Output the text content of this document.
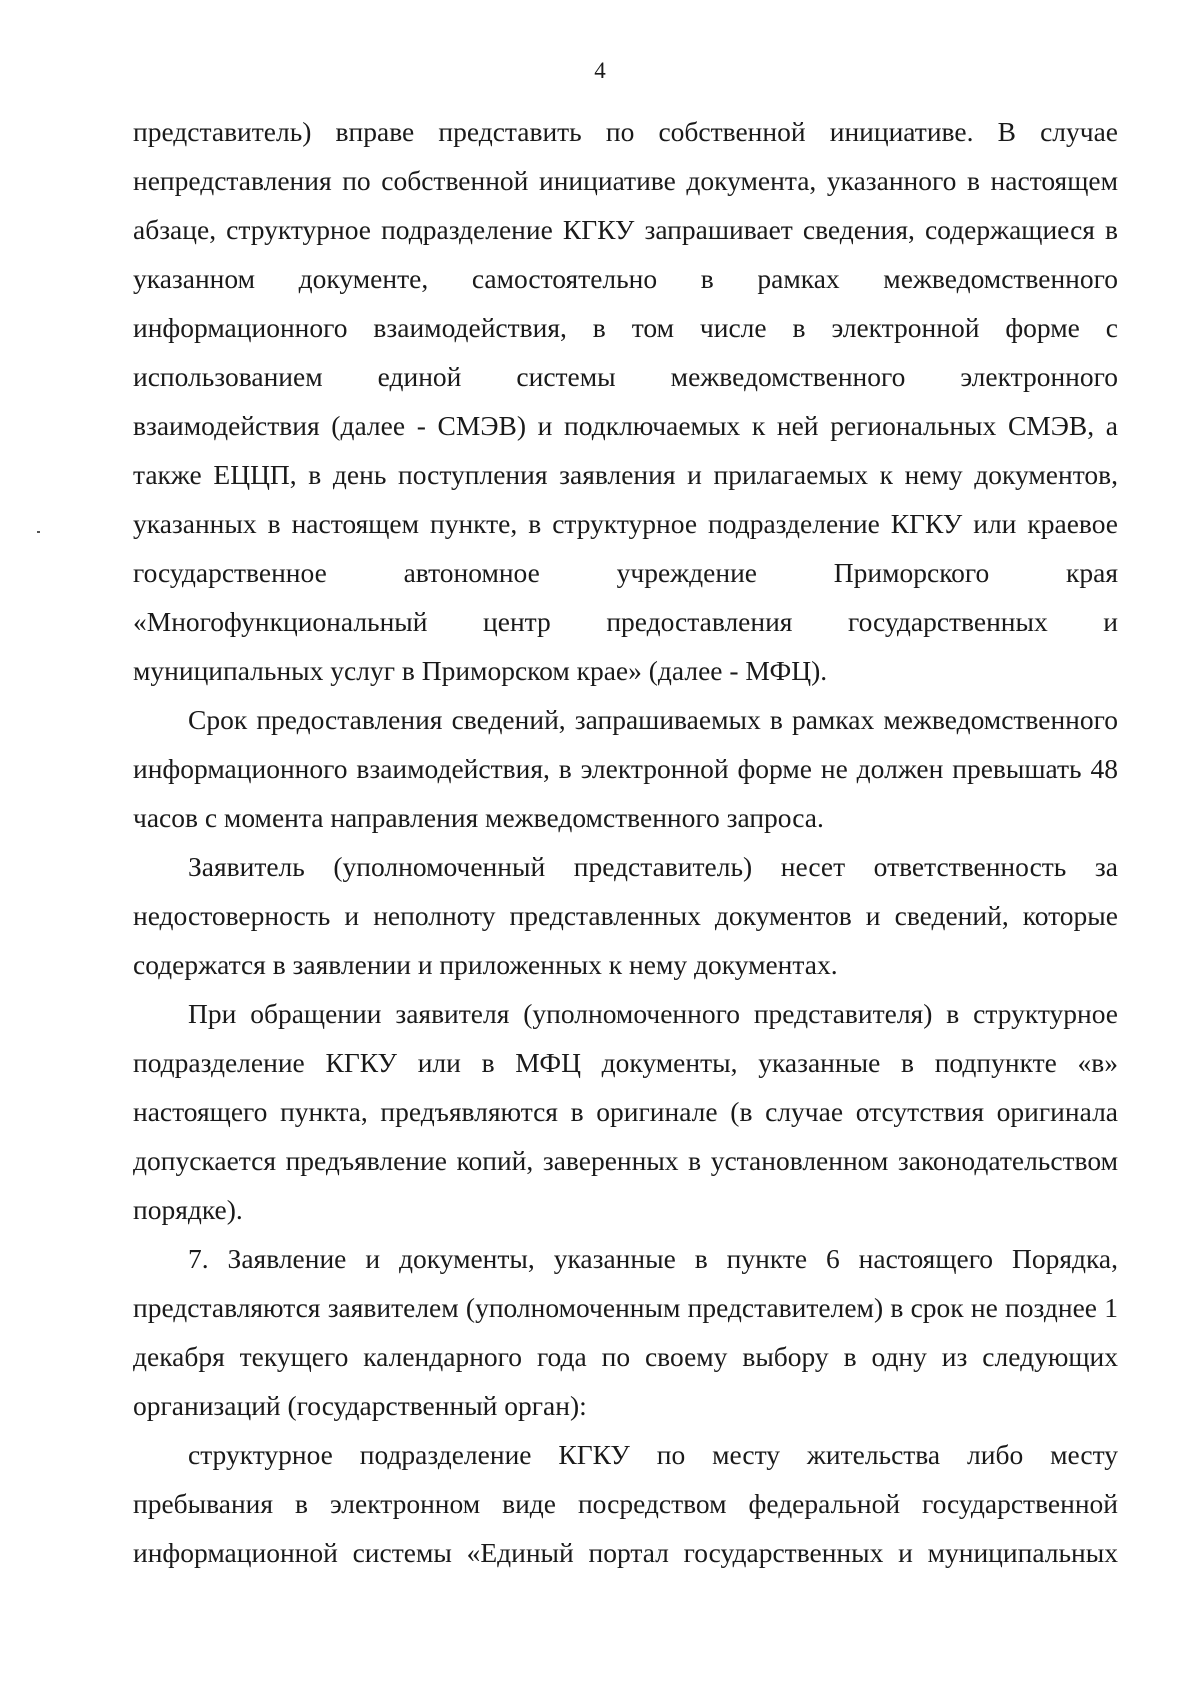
4

представитель) вправе представить по собственной инициативе. В случае непредставления по собственной инициативе документа, указанного в настоящем абзаце, структурное подразделение КГКУ запрашивает сведения, содержащиеся в указанном документе, самостоятельно в рамках межведомственного информационного взаимодействия, в том числе в электронной форме с использованием единой системы межведомственного электронного взаимодействия (далее - СМЭВ) и подключаемых к ней региональных СМЭВ, а также ЕЦЦП, в день поступления заявления и прилагаемых к нему документов, указанных в настоящем пункте, в структурное подразделение КГКУ или краевое государственное автономное учреждение Приморского края «Многофункциональный центр предоставления государственных и муниципальных услуг в Приморском крае» (далее - МФЦ).

Срок предоставления сведений, запрашиваемых в рамках межведомственного информационного взаимодействия, в электронной форме не должен превышать 48 часов с момента направления межведомственного запроса.

Заявитель (уполномоченный представитель) несет ответственность за недостоверность и неполноту представленных документов и сведений, которые содержатся в заявлении и приложенных к нему документах.

При обращении заявителя (уполномоченного представителя) в структурное подразделение КГКУ или в МФЦ документы, указанные в подпункте «в» настоящего пункта, предъявляются в оригинале (в случае отсутствия оригинала допускается предъявление копий, заверенных в установленном законодательством порядке).

7. Заявление и документы, указанные в пункте 6 настоящего Порядка, представляются заявителем (уполномоченным представителем) в срок не позднее 1 декабря текущего календарного года по своему выбору в одну из следующих организаций (государственный орган):

структурное подразделение КГКУ по месту жительства либо месту пребывания в электронном виде посредством федеральной государственной информационной системы «Единый портал государственных и муниципальных
